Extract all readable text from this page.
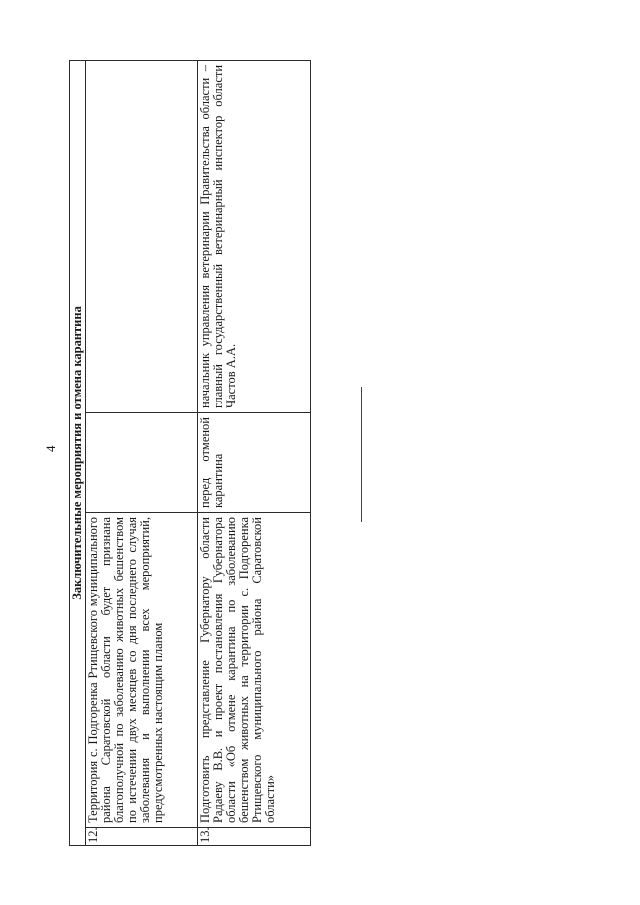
4 Заключительные мероприятия и отмена карантина			
12.	Территория с. Подгоренка Ртищевского муниципального района Саратовской области будет признана благополучной по заболеванию животных бешенством по истечении двух месяцев со дня последнего случая заболевания и выполнении всех мероприятий, предусмотренных настоящим планом		
13.	Подготовить представление Губернатору области Радаеву В.В. и проект постановления Губернатора области «Об отмене карантина по заболеванию бешенством животных на территории с. Подгоренка Ртищевского муниципального района Саратовской области»	перед отменой карантина	начальник управления ветеринарии Правительства области – главный государственный ветеринарный инспектор области Частов А.А.
